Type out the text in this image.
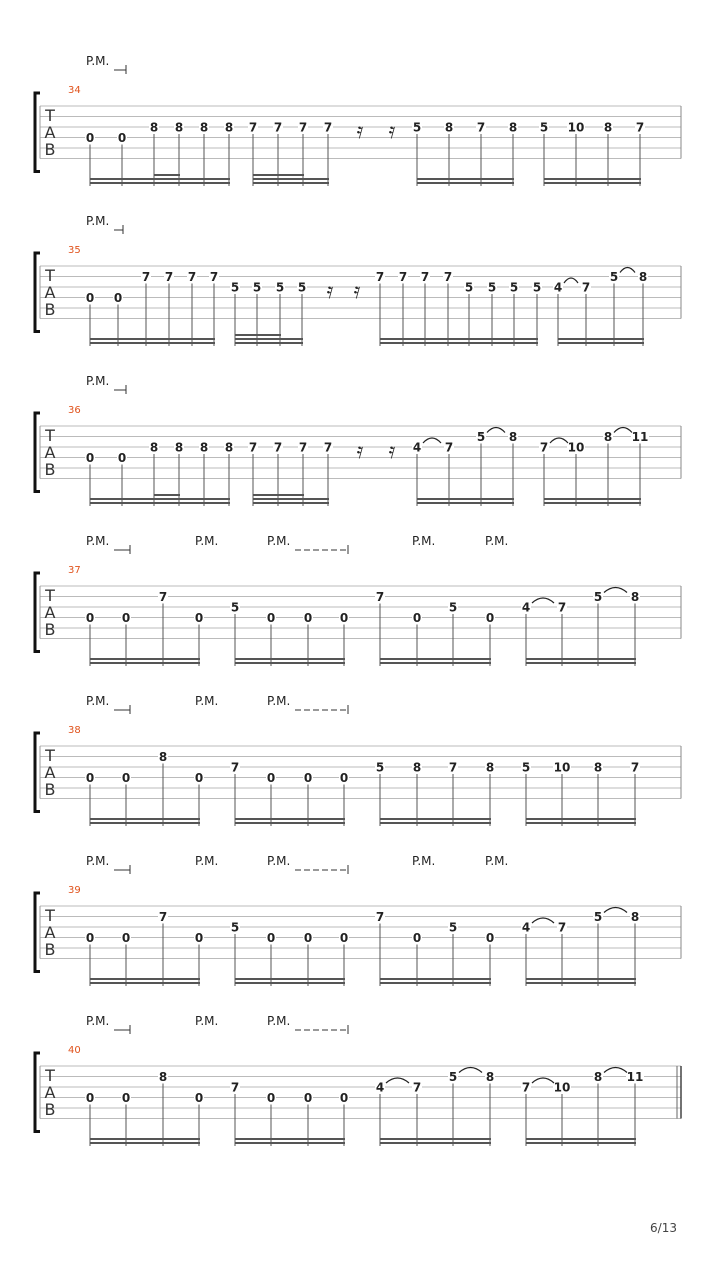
T
A
B
34
P.M.
𝄿 𝄿
0 0
8 8 8 8 7 7 7 7	5 8 7 8 5 10 8 7
T
A
B
35
P.M.
𝄿 𝄿
0 0
7 7 7 7
5 5 5 5
7 7 7 7
5 5 5 5 4 7
5 8
T
A
B
36
P.M.
𝄿 𝄿
0 0
8 8 8 8 7 7 7 7	4 7
5 8
7 10
8 11
T
A
B
37
P.M.	P.M.	P.M.	P.M.	P.M.
0 0
7
0
5
0 0 0
7
0
5
0
4 7
5 8
T
A
B
38
P.M.	P.M.	P.M.
0 0
8
0
7
0 0 0
5 8 7 8 5 10 8 7
T
A
B
39
P.M.	P.M.	P.M.	P.M.	P.M.
0 0
7
0
5
0 0 0
7
0
5
0
4 7
5 8
T
A
B
40
P.M.	P.M.	P.M.
0 0
8
0
7
0 0 0
4 7
5 8
7 10
8 11
6/13
